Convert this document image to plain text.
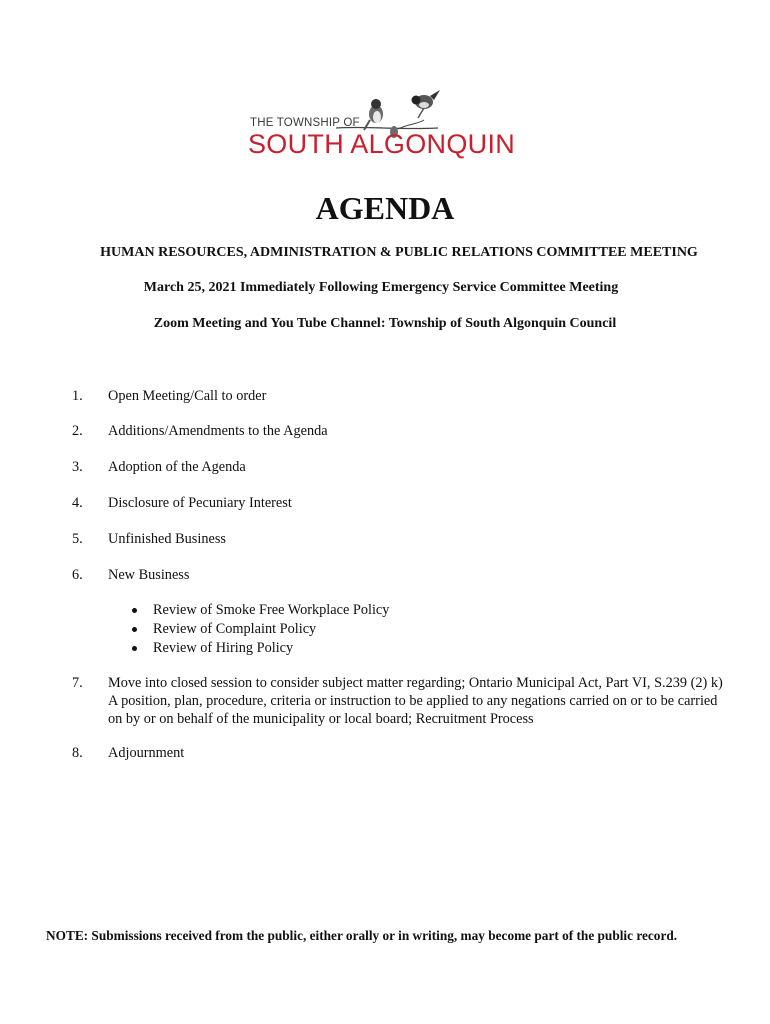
THE TOWNSHIP OF
SOUTH ALGONQUIN
AGENDA

HUMAN RESOURCES, ADMINISTRATION & PUBLIC RELATIONS COMMITTEE MEETING

March 25, 2021 Immediately Following Emergency Service Committee Meeting

Zoom Meeting and You Tube Channel: Township of South Algonquin Council

1.	Open Meeting/Call to order
2.	Additions/Amendments to the Agenda
3.	Adoption of the Agenda
4.	Disclosure of Pecuniary Interest
5.	Unfinished Business
6.	New Business
7.	Move into closed session to consider subject matter regarding; Ontario Municipal Act, Part VI, S.239 (2) k) A position, plan, procedure, criteria or instruction to be applied to any negations carried on or to be carried on by or on behalf of the municipality or local board; Recruitment Process
8.	Adjournment
Review of Smoke Free Workplace Policy
Review of Complaint Policy
Review of Hiring Policy

NOTE: Submissions received from the public, either orally or in writing, may become part of the public record.
